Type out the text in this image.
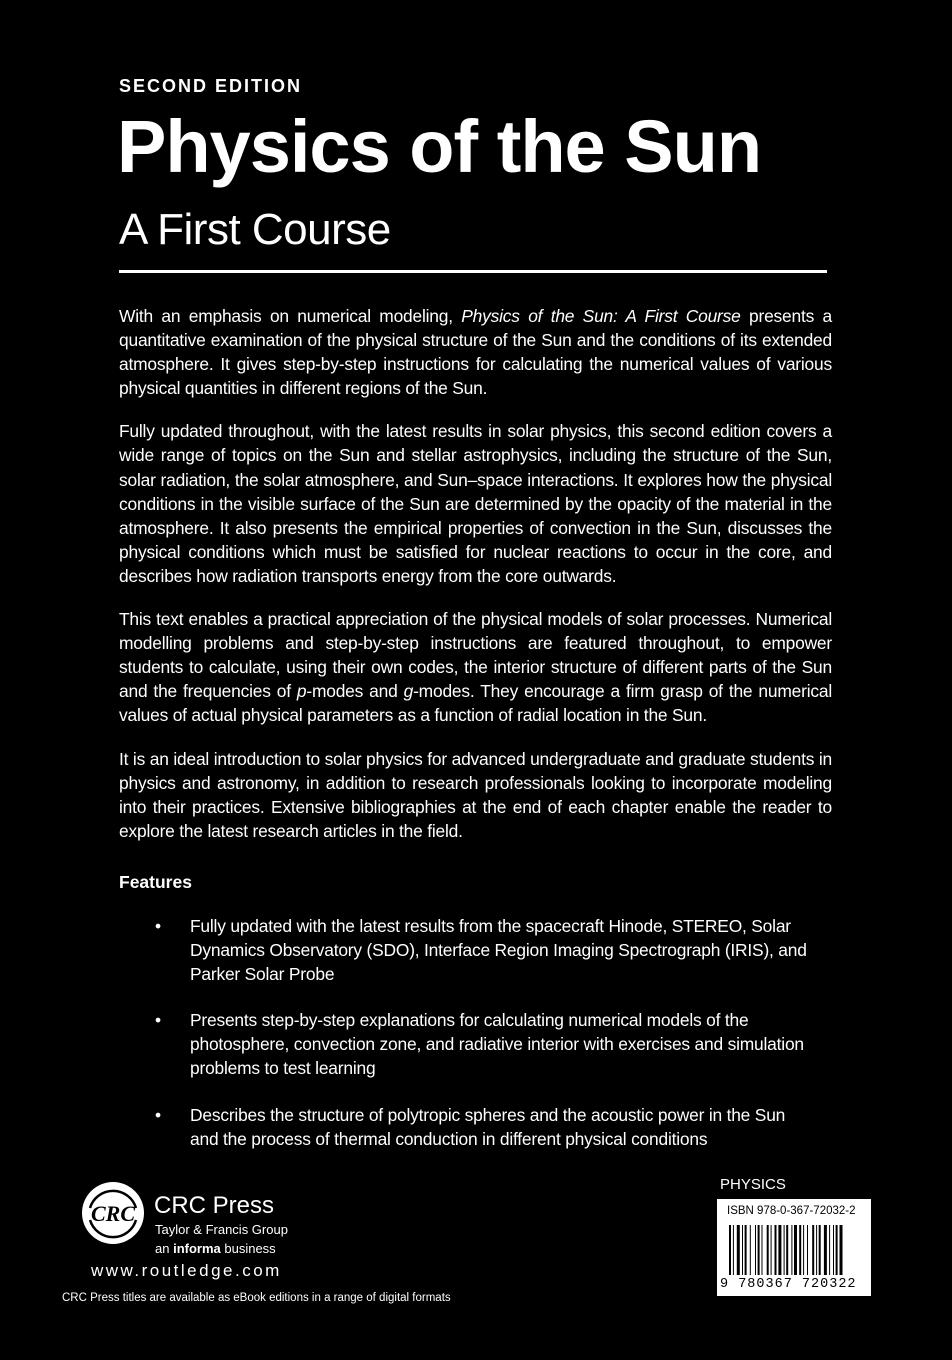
SECOND EDITION
Physics of the Sun
A First Course

With an emphasis on numerical modeling, Physics of the Sun: A First Course presents a quantitative examination of the physical structure of the Sun and the conditions of its extended atmosphere. It gives step-by-step instructions for calculating the numerical values of various physical quantities in different regions of the Sun.

Fully updated throughout, with the latest results in solar physics, this second edition covers a wide range of topics on the Sun and stellar astrophysics, including the structure of the Sun, solar radiation, the solar atmosphere, and Sun–space interactions. It explores how the physical conditions in the visible surface of the Sun are determined by the opacity of the material in the atmosphere. It also presents the empirical properties of convection in the Sun, discusses the physical conditions which must be satisfied for nuclear reactions to occur in the core, and describes how radiation transports energy from the core outwards.

This text enables a practical appreciation of the physical models of solar processes. Numerical modelling problems and step-by-step instructions are featured throughout, to empower students to calculate, using their own codes, the interior structure of different parts of the Sun and the frequencies of p-modes and g-modes. They encourage a firm grasp of the numerical values of actual physical parameters as a function of radial location in the Sun.

It is an ideal introduction to solar physics for advanced undergraduate and graduate students in physics and astronomy, in addition to research professionals looking to incorporate modeling into their practices. Extensive bibliographies at the end of each chapter enable the reader to explore the latest research articles in the field.

Features
• Fully updated with the latest results from the spacecraft Hinode, STEREO, Solar Dynamics Observatory (SDO), Interface Region Imaging Spectrograph (IRIS), and Parker Solar Probe
• Presents step-by-step explanations for calculating numerical models of the photosphere, convection zone, and radiative interior with exercises and simulation problems to test learning
• Describes the structure of polytropic spheres and the acoustic power in the Sun and the process of thermal conduction in different physical conditions
CRC CRC Press
Taylor & Francis Group
an informa business
www.routledge.com
CRC Press titles are available as eBook editions in a range of digital formats
PHYSICS
ISBN 978-0-367-72032-2
9 780367 720322
